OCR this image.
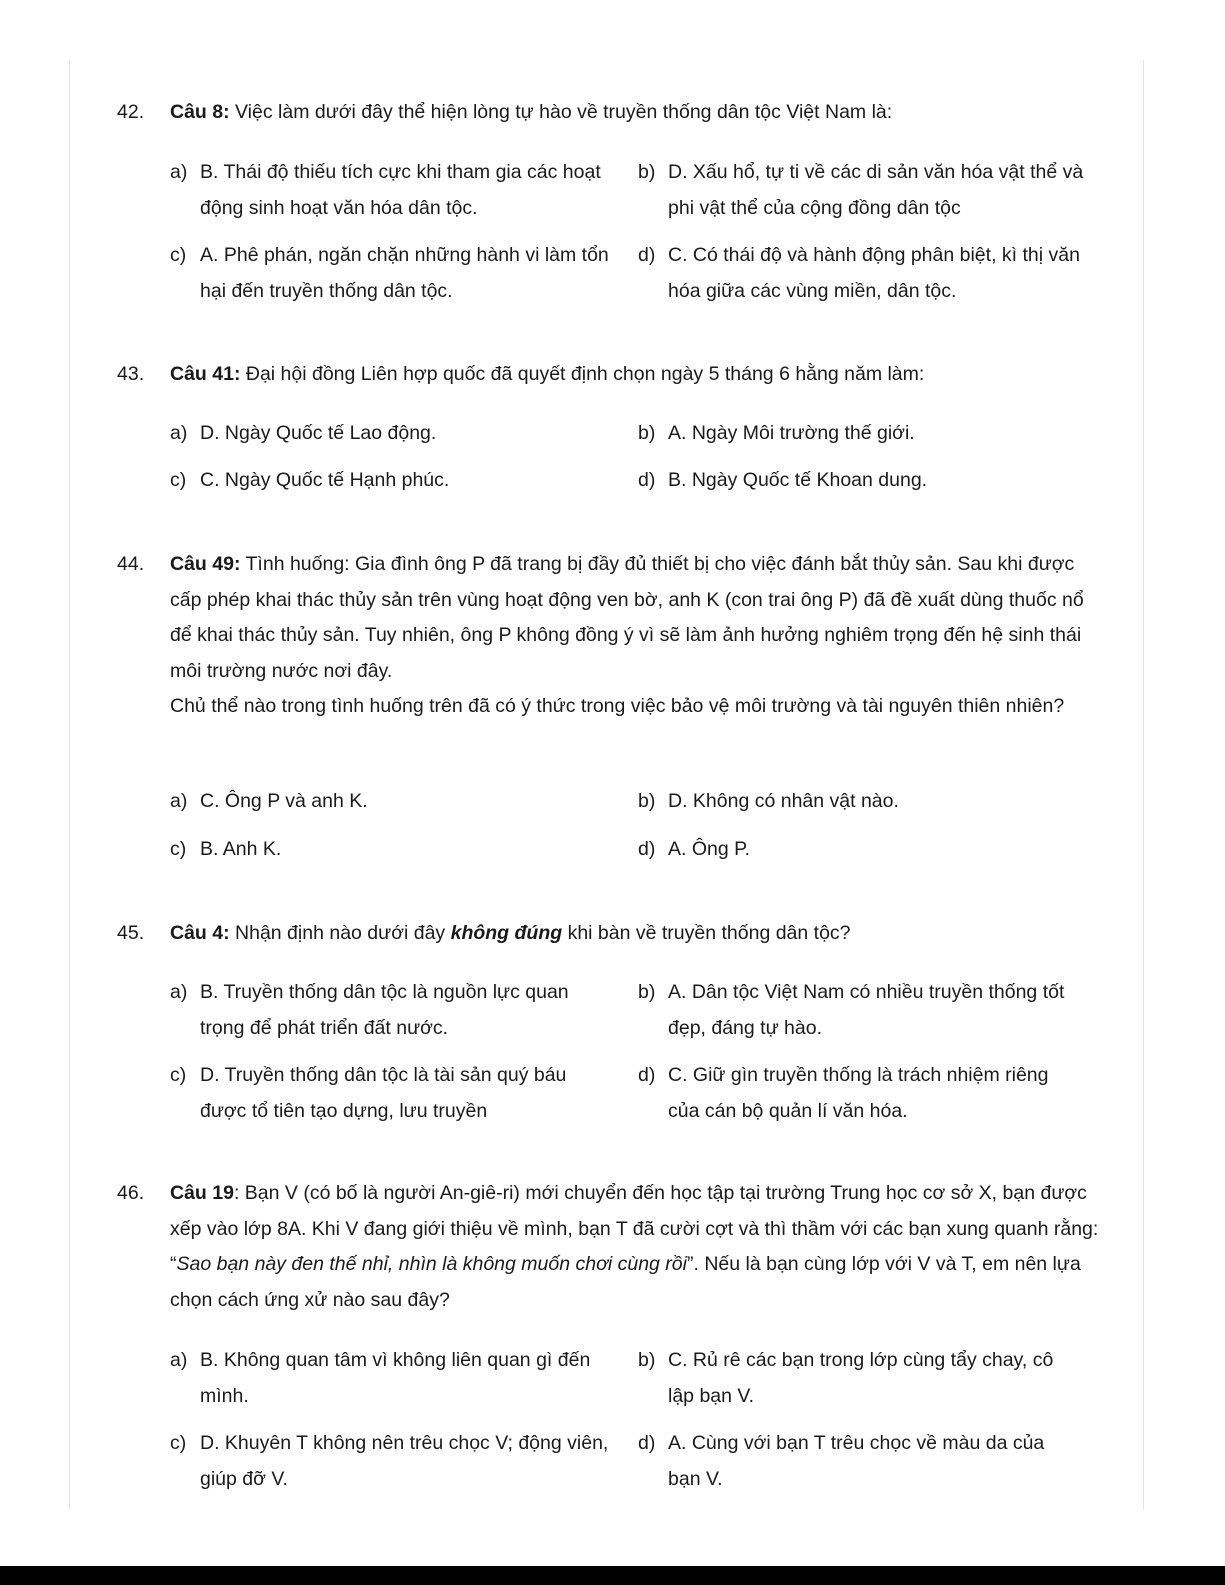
42. Câu 8: Việc làm dưới đây thể hiện lòng tự hào về truyền thống dân tộc Việt Nam là:
a) B. Thái độ thiếu tích cực khi tham gia các hoạt động sinh hoạt văn hóa dân tộc.
b) D. Xấu hổ, tự ti về các di sản văn hóa vật thể và phi vật thể của cộng đồng dân tộc
c) A. Phê phán, ngăn chặn những hành vi làm tổn hại đến truyền thống dân tộc.
d) C. Có thái độ và hành động phân biệt, kì thị văn hóa giữa các vùng miền, dân tộc.
43. Câu 41: Đại hội đồng Liên hợp quốc đã quyết định chọn ngày 5 tháng 6 hằng năm làm:
a) D. Ngày Quốc tế Lao động.	b) A. Ngày Môi trường thế giới.
c) C. Ngày Quốc tế Hạnh phúc.	d) B. Ngày Quốc tế Khoan dung.
44. Câu 49: Tình huống: Gia đình ông P đã trang bị đầy đủ thiết bị cho việc đánh bắt thủy sản. Sau khi được cấp phép khai thác thủy sản trên vùng hoạt động ven bờ, anh K (con trai ông P) đã đề xuất dùng thuốc nổ để khai thác thủy sản. Tuy nhiên, ông P không đồng ý vì sẽ làm ảnh hưởng nghiêm trọng đến hệ sinh thái môi trường nước nơi đây.
Chủ thể nào trong tình huống trên đã có ý thức trong việc bảo vệ môi trường và tài nguyên thiên nhiên?
a) C. Ông P và anh K.	b) D. Không có nhân vật nào.
c) B. Anh K.	d) A. Ông P.
45. Câu 4: Nhận định nào dưới đây không đúng khi bàn về truyền thống dân tộc?
a) B. Truyền thống dân tộc là nguồn lực quan trọng để phát triển đất nước.
b) A. Dân tộc Việt Nam có nhiều truyền thống tốt đẹp, đáng tự hào.
c) D. Truyền thống dân tộc là tài sản quý báu được tổ tiên tạo dựng, lưu truyền
d) C. Giữ gìn truyền thống là trách nhiệm riêng của cán bộ quản lí văn hóa.
46. Câu 19: Bạn V (có bố là người An-giê-ri) mới chuyển đến học tập tại trường Trung học cơ sở X, bạn được xếp vào lớp 8A. Khi V đang giới thiệu về mình, bạn T đã cười cợt và thì thầm với các bạn xung quanh rằng: “Sao bạn này đen thế nhỉ, nhìn là không muốn chơi cùng rồi”. Nếu là bạn cùng lớp với V và T, em nên lựa chọn cách ứng xử nào sau đây?
a) B. Không quan tâm vì không liên quan gì đến mình.
b) C. Rủ rê các bạn trong lớp cùng tẩy chay, cô lập bạn V.
c) D. Khuyên T không nên trêu chọc V; động viên, giúp đỡ V.
d) A. Cùng với bạn T trêu chọc về màu da của bạn V.
